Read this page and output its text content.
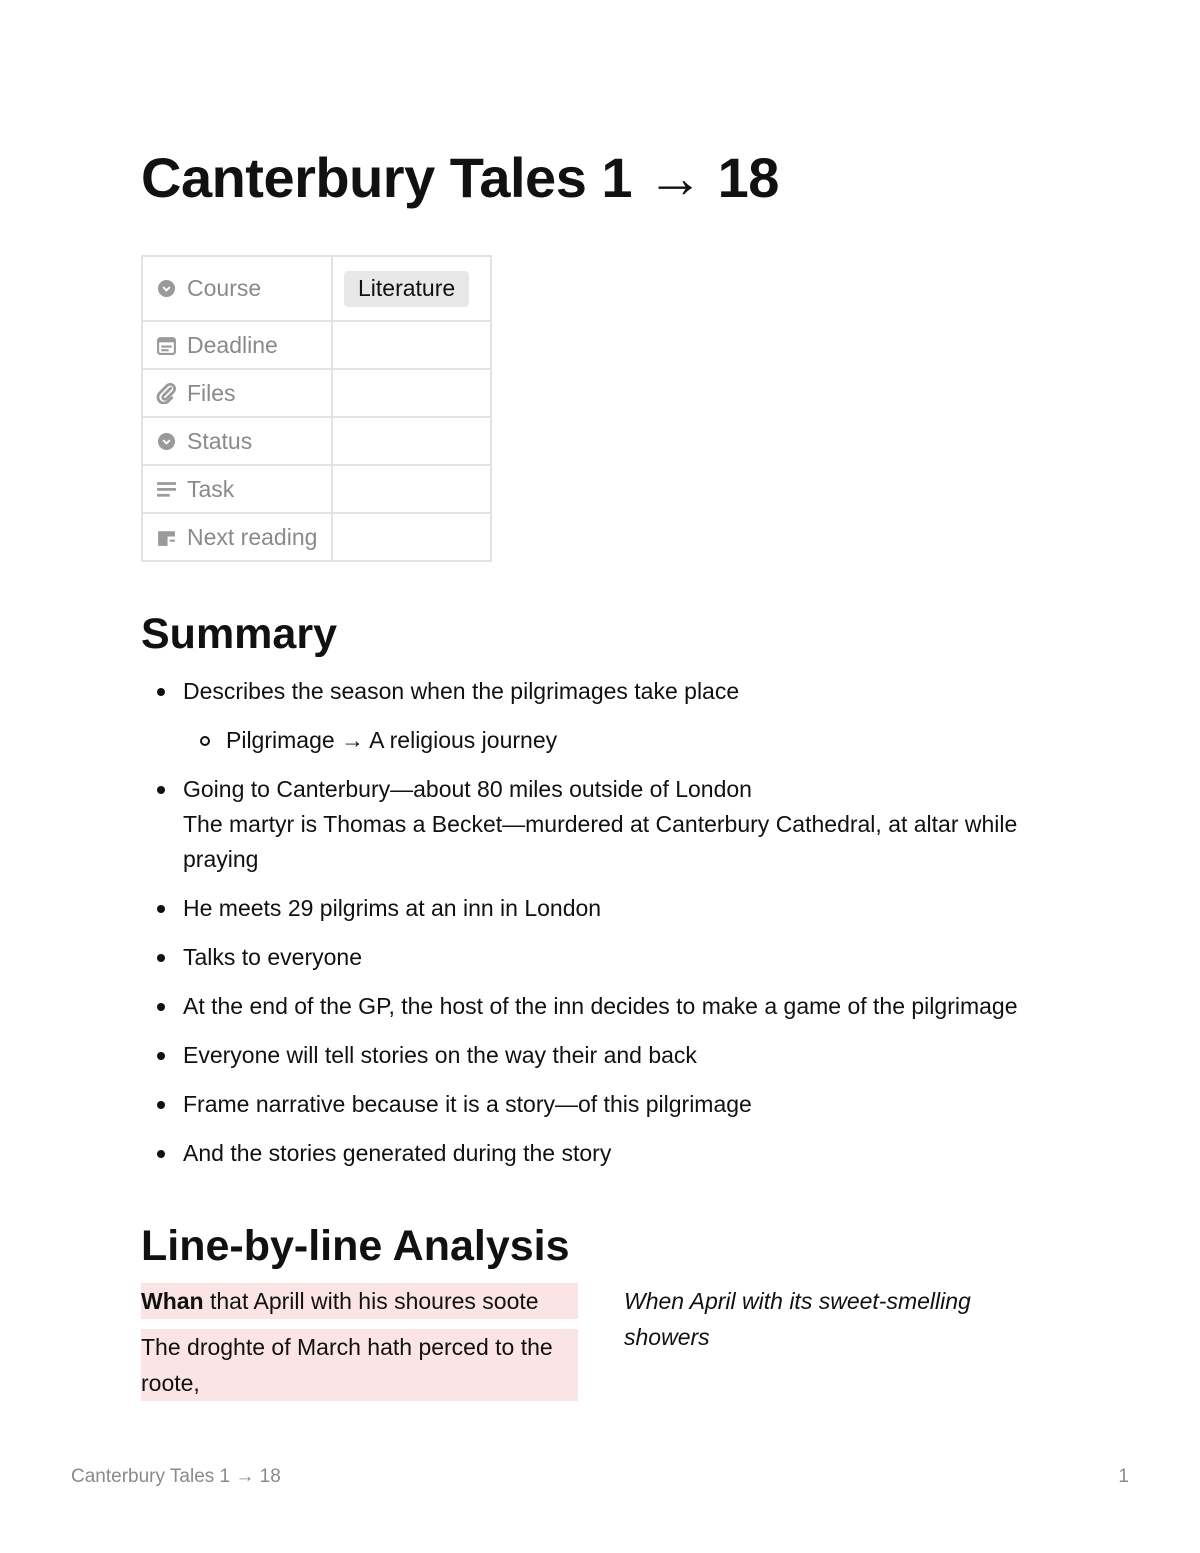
Canterbury Tales 1 → 18
Course	Literature

Deadline	

Files	

Status	

Task	

Next reading	

Summary
Describes the season when the pilgrimages take place
Pilgrimage → A religious journey
Going to Canterbury—about 80 miles outside of London
The martyr is Thomas a Becket—murdered at Canterbury Cathedral, at altar while praying
He meets 29 pilgrims at an inn in London
Talks to everyone
At the end of the GP, the host of the inn decides to make a game of the pilgrimage
Everyone will tell stories on the way their and back
Frame narrative because it is a story—of this pilgrimage
And the stories generated during the story
Line-by-line Analysis
Whan that Aprill with his shoures soote
The droghte of March hath perced to the roote,
When April with its sweet-smelling showers
Canterbury Tales 1 → 18	1
